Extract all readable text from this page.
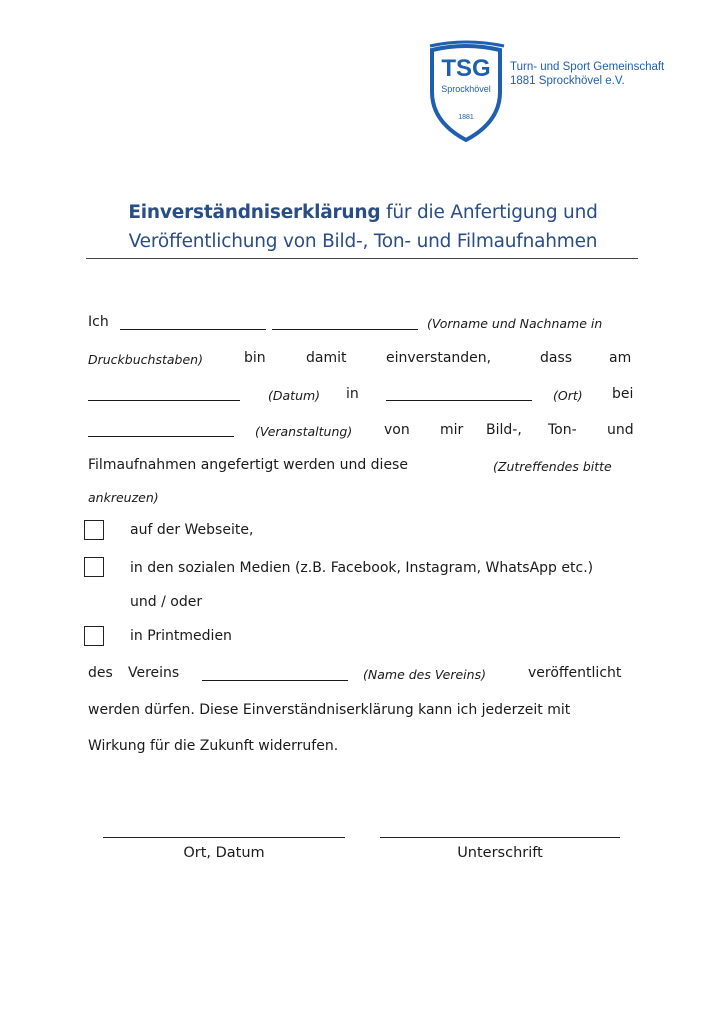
TSG
Sprockhövel
1881
Turn- und Sport Gemeinschaft
1881 Sprockhövel e.V.
Einverständniserklärung für die Anfertigung und
Veröffentlichung von Bild-, Ton- und Filmaufnahmen
Ich	(Vorname und Nachname in
Druckbuchstaben)	bin	damit	einverstanden,	dass	am
(Datum) in	(Ort) bei
(Veranstaltung) von mir Bild-, Ton- und
Filmaufnahmen angefertigt werden und diese	(Zutreffendes bitte
ankreuzen)
auf der Webseite,
in den sozialen Medien (z.B. Facebook, Instagram, WhatsApp etc.)
und / oder
in Printmedien
des Vereins	(Name des Vereins)	veröffentlicht
werden dürfen. Diese Einverständniserklärung kann ich jederzeit mit
Wirkung für die Zukunft widerrufen.
Ort, Datum	Unterschrift
